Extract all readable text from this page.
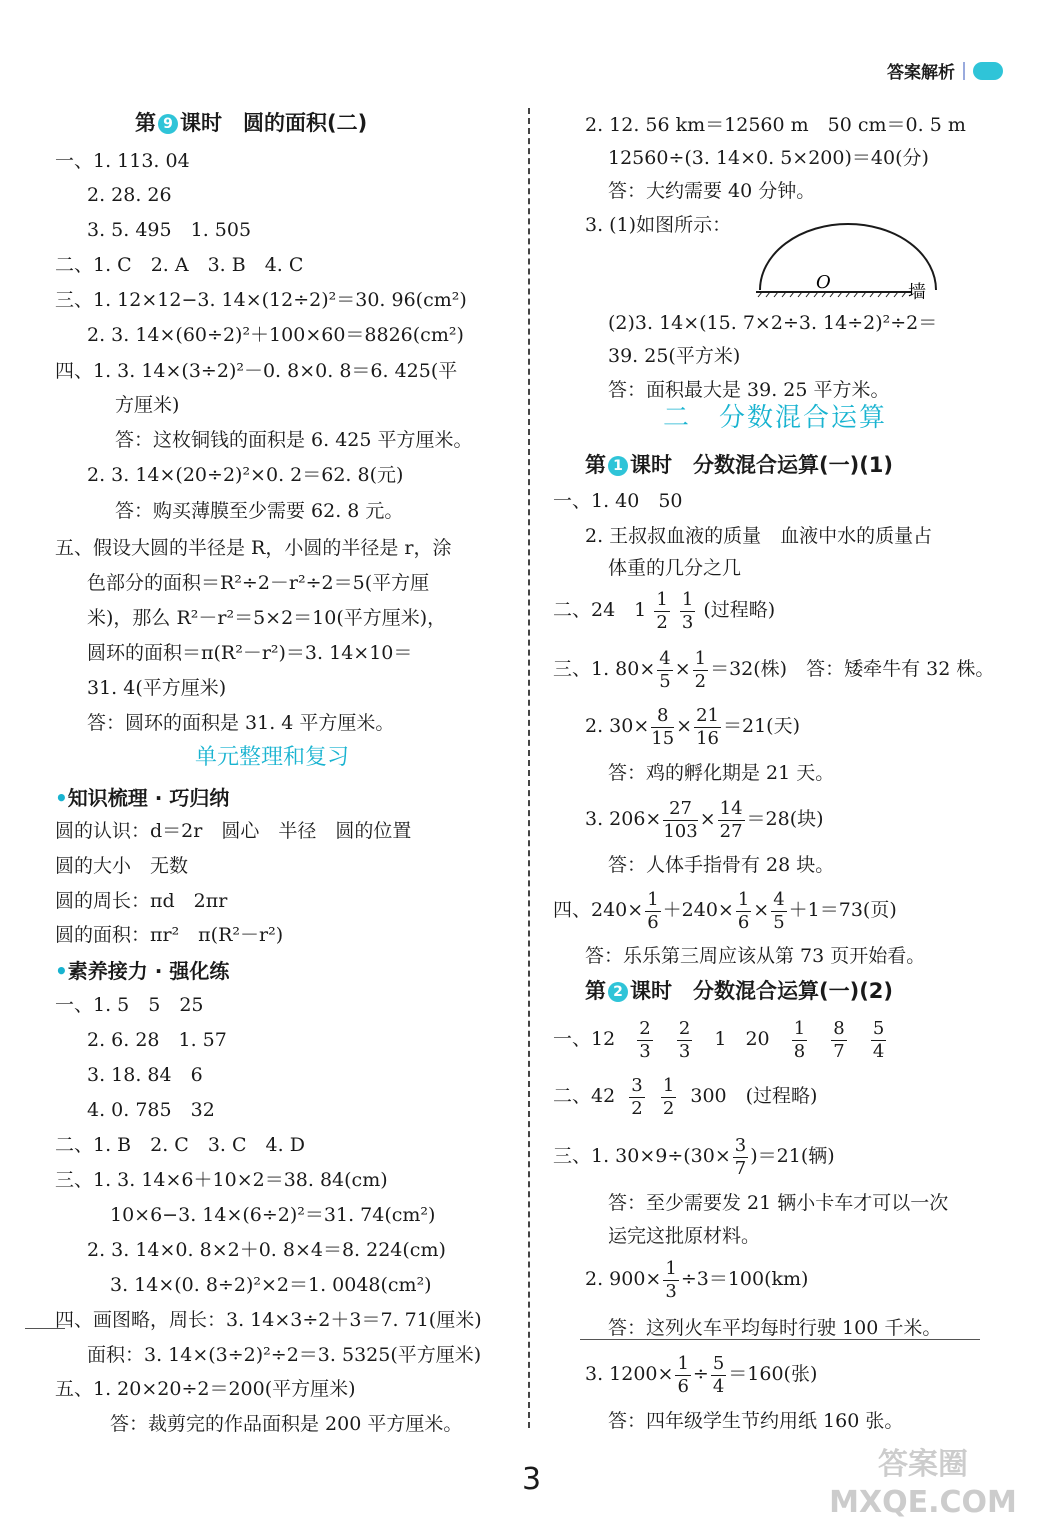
答案解析
第 9 课时　圆的面积(二)
一、1. 113. 04
2. 28. 26
3. 5. 495　1. 505
二、1. C　2. A　3. B　4. C
三、1. 12×12−3. 14×(12÷2)²＝30. 96(cm²)
2. 3. 14×(60÷2)²＋100×60＝8826(cm²)
四、1. 3. 14×(3÷2)²－0. 8×0. 8＝6. 425(平
方厘米)
答：这枚铜钱的面积是 6. 425 平方厘米。
2. 3. 14×(20÷2)²×0. 2＝62. 8(元)
答：购买薄膜至少需要 62. 8 元。
五、假设大圆的半径是 R，小圆的半径是 r，涂
色部分的面积＝R²÷2－r²÷2＝5(平方厘
米)，那么 R²－r²＝5×2＝10(平方厘米)，
圆环的面积＝π(R²－r²)＝3. 14×10＝
31. 4(平方厘米)
答：圆环的面积是 31. 4 平方厘米。
单元整理和复习
•知识梳理 · 巧归纳
圆的认识：d＝2r　圆心　半径　圆的位置
圆的大小　无数
圆的周长：πd　2πr
圆的面积：πr²　π(R²－r²)
•素养接力 · 强化练
一、1. 5　5　25
2. 6. 28　1. 57
3. 18. 84　6
4. 0. 785　32
二、1. B　2. C　3. C　4. D
三、1. 3. 14×6＋10×2＝38. 84(cm)
10×6−3. 14×(6÷2)²＝31. 74(cm²)
2. 3. 14×0. 8×2＋0. 8×4＝8. 224(cm)
3. 14×(0. 8÷2)²×2＝1. 0048(cm²)
四、画图略，周长：3. 14×3÷2＋3＝7. 71(厘米)
面积：3. 14×(3÷2)²÷2＝3. 5325(平方厘米)
五、1. 20×20÷2＝200(平方厘米)
答：裁剪完的作品面积是 200 平方厘米。
2. 12. 56 km＝12560 m　50 cm＝0. 5 m
12560÷(3. 14×0. 5×200)＝40(分)
答：大约需要 40 分钟。
3. (1)如图所示：
O	墙
(2)3. 14×(15. 7×2÷3. 14÷2)²÷2＝
39. 25(平方米)
答：面积最大是 39. 25 平方米。
二　分数混合运算
第 1 课时　分数混合运算(一)(1)
一、1. 40　50
2. 王叔叔血液的质量　血液中水的质量占
体重的几分之几
二、24　$1 \frac{1}{2}$
$\frac{1}{3}$ (过程略)
三、1. $80\times \frac{4}{5} \times \frac{1}{2} =32$(株)　答：矮牵牛有 32 株。
2. $30\times \frac{8}{15} \times \frac{21}{16} =21$(天)
答：鸡的孵化期是 21 天。
3. $206\times \frac{27}{103} \times \frac{14}{27} =28$(块)
答：人体手指骨有 28 块。
四、$240\times \frac{1}{6} +240\times \frac{1}{6} \times \frac{4}{5} +1=73$(页)
答：乐乐第三周应该从第 73 页开始看。
第 2 课时　分数混合运算(一)(2)
一、$12 \frac{2}{3}$
$\frac{2}{3} 1$　$20 \frac{1}{8}$
$\frac{8}{7}$
$\frac{5}{4}$
二、$42 \frac{3}{2}$
$\frac{1}{2} 300$　(过程略)
三、1. $30\times 9\div(30\times \frac{3}{7} )=21$(辆)
答：至少需要发 21 辆小卡车才可以一次
运完这批原材料。
2. $900\times \frac{1}{3} \div 3=100(km)$
答：这列火车平均每时行驶 100 千米。
3. $1200\times \frac{1}{6} \div \frac{5}{4} =160$(张)
答：四年级学生节约用纸 160 张。
3	答案圈 MXQE.COM
